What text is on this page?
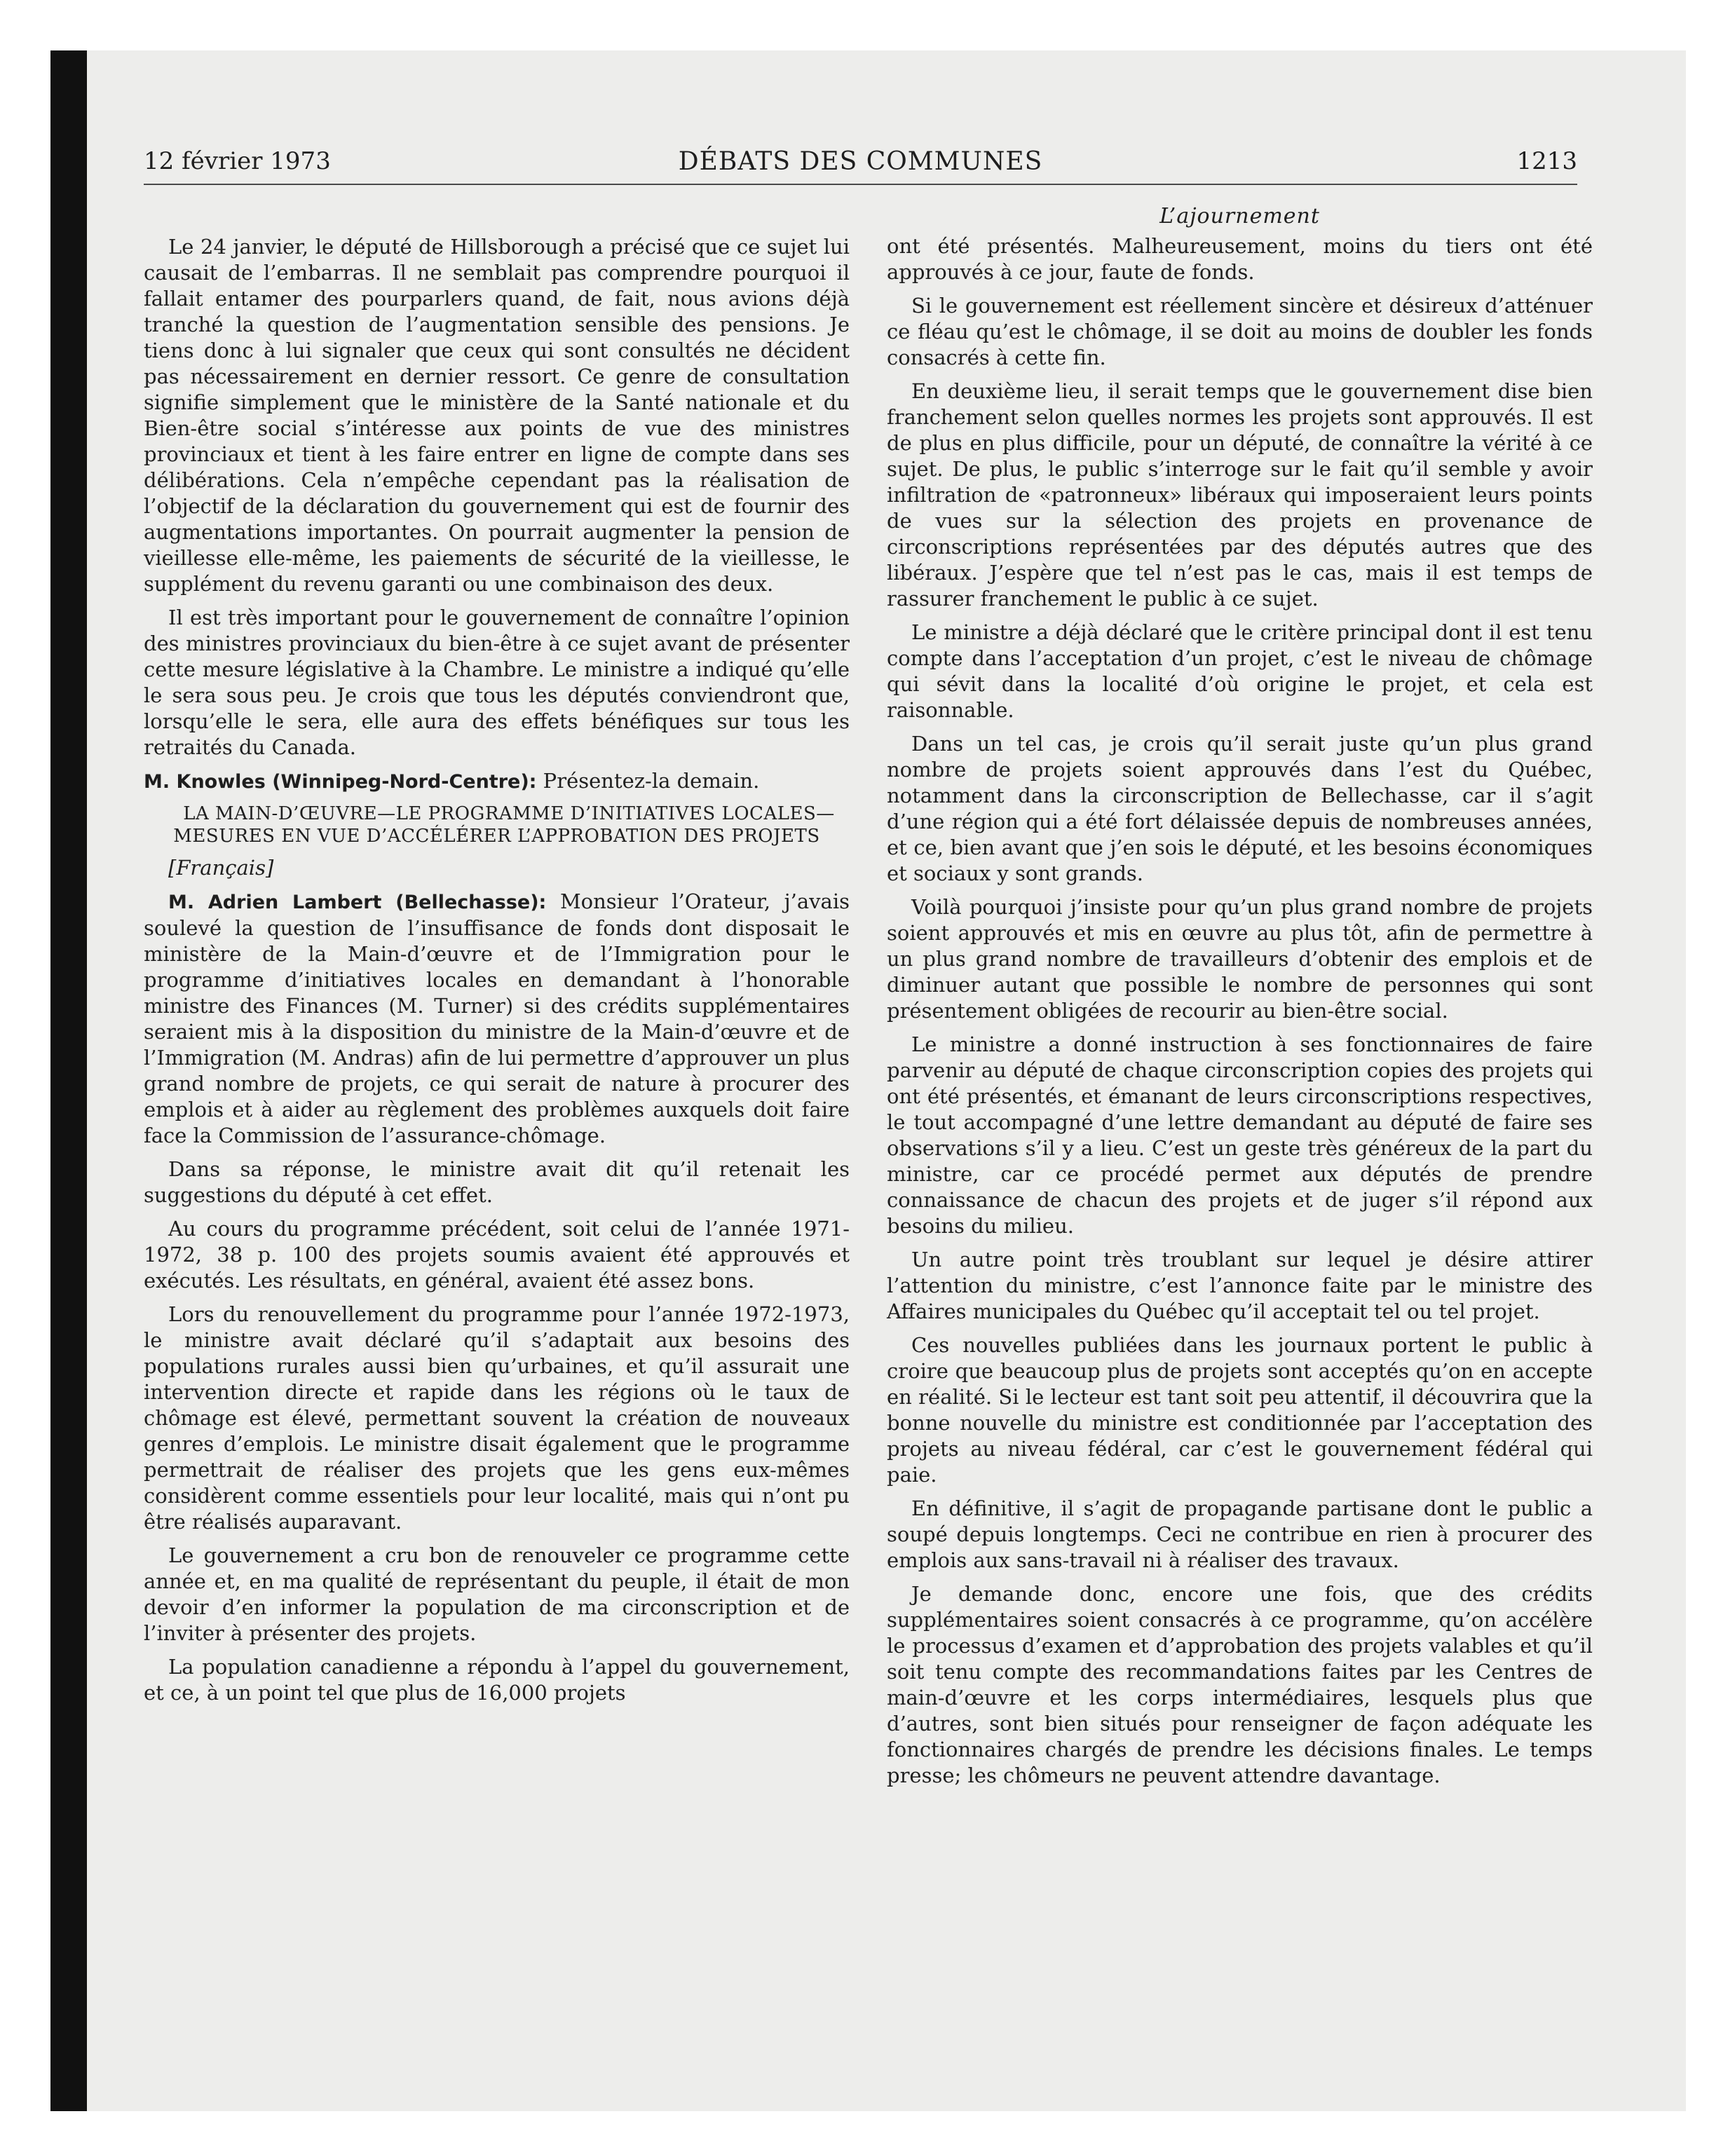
12 février 1973	DÉBATS DES COMMUNES	1213

Le 24 janvier, le député de Hillsborough a précisé que ce sujet lui causait de l’embarras. Il ne semblait pas comprendre pourquoi il fallait entamer des pourparlers quand, de fait, nous avions déjà tranché la question de l’augmentation sensible des pensions. Je tiens donc à lui signaler que ceux qui sont consultés ne décident pas nécessairement en dernier ressort. Ce genre de consultation signifie simplement que le ministère de la Santé nationale et du Bien-être social s’intéresse aux points de vue des ministres provinciaux et tient à les faire entrer en ligne de compte dans ses délibérations. Cela n’empêche cependant pas la réalisation de l’objectif de la déclaration du gouvernement qui est de fournir des augmentations importantes. On pourrait augmenter la pension de vieillesse elle-même, les paiements de sécurité de la vieillesse, le supplément du revenu garanti ou une combinaison des deux.

Il est très important pour le gouvernement de connaître l’opinion des ministres provinciaux du bien-être à ce sujet avant de présenter cette mesure législative à la Chambre. Le ministre a indiqué qu’elle le sera sous peu. Je crois que tous les députés conviendront que, lorsqu’elle le sera, elle aura des effets bénéfiques sur tous les retraités du Canada.

M. Knowles (Winnipeg-Nord-Centre): Présentez-la demain.

LA MAIN-D’ŒUVRE—LE PROGRAMME D’INITIATIVES LOCALES—MESURES EN VUE D’ACCÉLÉRER L’APPROBATION DES PROJETS

[Français]

M. Adrien Lambert (Bellechasse): Monsieur l’Orateur, j’avais soulevé la question de l’insuffisance de fonds dont disposait le ministère de la Main-d’œuvre et de l’Immigration pour le programme d’initiatives locales en demandant à l’honorable ministre des Finances (M. Turner) si des crédits supplémentaires seraient mis à la disposition du ministre de la Main-d’œuvre et de l’Immigration (M. Andras) afin de lui permettre d’approuver un plus grand nombre de projets, ce qui serait de nature à procurer des emplois et à aider au règlement des problèmes auxquels doit faire face la Commission de l’assurance-chômage.

Dans sa réponse, le ministre avait dit qu’il retenait les suggestions du député à cet effet.

Au cours du programme précédent, soit celui de l’année 1971-1972, 38 p. 100 des projets soumis avaient été approuvés et exécutés. Les résultats, en général, avaient été assez bons.

Lors du renouvellement du programme pour l’année 1972-1973, le ministre avait déclaré qu’il s’adaptait aux besoins des populations rurales aussi bien qu’urbaines, et qu’il assurait une intervention directe et rapide dans les régions où le taux de chômage est élevé, permettant souvent la création de nouveaux genres d’emplois. Le ministre disait également que le programme permettrait de réaliser des projets que les gens eux-mêmes considèrent comme essentiels pour leur localité, mais qui n’ont pu être réalisés auparavant.

Le gouvernement a cru bon de renouveler ce programme cette année et, en ma qualité de représentant du peuple, il était de mon devoir d’en informer la population de ma circonscription et de l’inviter à présenter des projets.

La population canadienne a répondu à l’appel du gouvernement, et ce, à un point tel que plus de 16,000 projets

L’ajournement

ont été présentés. Malheureusement, moins du tiers ont été approuvés à ce jour, faute de fonds.

Si le gouvernement est réellement sincère et désireux d’atténuer ce fléau qu’est le chômage, il se doit au moins de doubler les fonds consacrés à cette fin.

En deuxième lieu, il serait temps que le gouvernement dise bien franchement selon quelles normes les projets sont approuvés. Il est de plus en plus difficile, pour un député, de connaître la vérité à ce sujet. De plus, le public s’interroge sur le fait qu’il semble y avoir infiltration de «patronneux» libéraux qui imposeraient leurs points de vues sur la sélection des projets en provenance de circonscriptions représentées par des députés autres que des libéraux. J’espère que tel n’est pas le cas, mais il est temps de rassurer franchement le public à ce sujet.

Le ministre a déjà déclaré que le critère principal dont il est tenu compte dans l’acceptation d’un projet, c’est le niveau de chômage qui sévit dans la localité d’où origine le projet, et cela est raisonnable.

Dans un tel cas, je crois qu’il serait juste qu’un plus grand nombre de projets soient approuvés dans l’est du Québec, notamment dans la circonscription de Bellechasse, car il s’agit d’une région qui a été fort délaissée depuis de nombreuses années, et ce, bien avant que j’en sois le député, et les besoins économiques et sociaux y sont grands.

Voilà pourquoi j’insiste pour qu’un plus grand nombre de projets soient approuvés et mis en œuvre au plus tôt, afin de permettre à un plus grand nombre de travailleurs d’obtenir des emplois et de diminuer autant que possible le nombre de personnes qui sont présentement obligées de recourir au bien-être social.

Le ministre a donné instruction à ses fonctionnaires de faire parvenir au député de chaque circonscription copies des projets qui ont été présentés, et émanant de leurs circonscriptions respectives, le tout accompagné d’une lettre demandant au député de faire ses observations s’il y a lieu. C’est un geste très généreux de la part du ministre, car ce procédé permet aux députés de prendre connaissance de chacun des projets et de juger s’il répond aux besoins du milieu.

Un autre point très troublant sur lequel je désire attirer l’attention du ministre, c’est l’annonce faite par le ministre des Affaires municipales du Québec qu’il acceptait tel ou tel projet.

Ces nouvelles publiées dans les journaux portent le public à croire que beaucoup plus de projets sont acceptés qu’on en accepte en réalité. Si le lecteur est tant soit peu attentif, il découvrira que la bonne nouvelle du ministre est conditionnée par l’acceptation des projets au niveau fédéral, car c’est le gouvernement fédéral qui paie.

En définitive, il s’agit de propagande partisane dont le public a soupé depuis longtemps. Ceci ne contribue en rien à procurer des emplois aux sans-travail ni à réaliser des travaux.

Je demande donc, encore une fois, que des crédits supplémentaires soient consacrés à ce programme, qu’on accélère le processus d’examen et d’approbation des projets valables et qu’il soit tenu compte des recommandations faites par les Centres de main-d’œuvre et les corps intermédiaires, lesquels plus que d’autres, sont bien situés pour renseigner de façon adéquate les fonctionnaires chargés de prendre les décisions finales. Le temps presse; les chômeurs ne peuvent attendre davantage.
